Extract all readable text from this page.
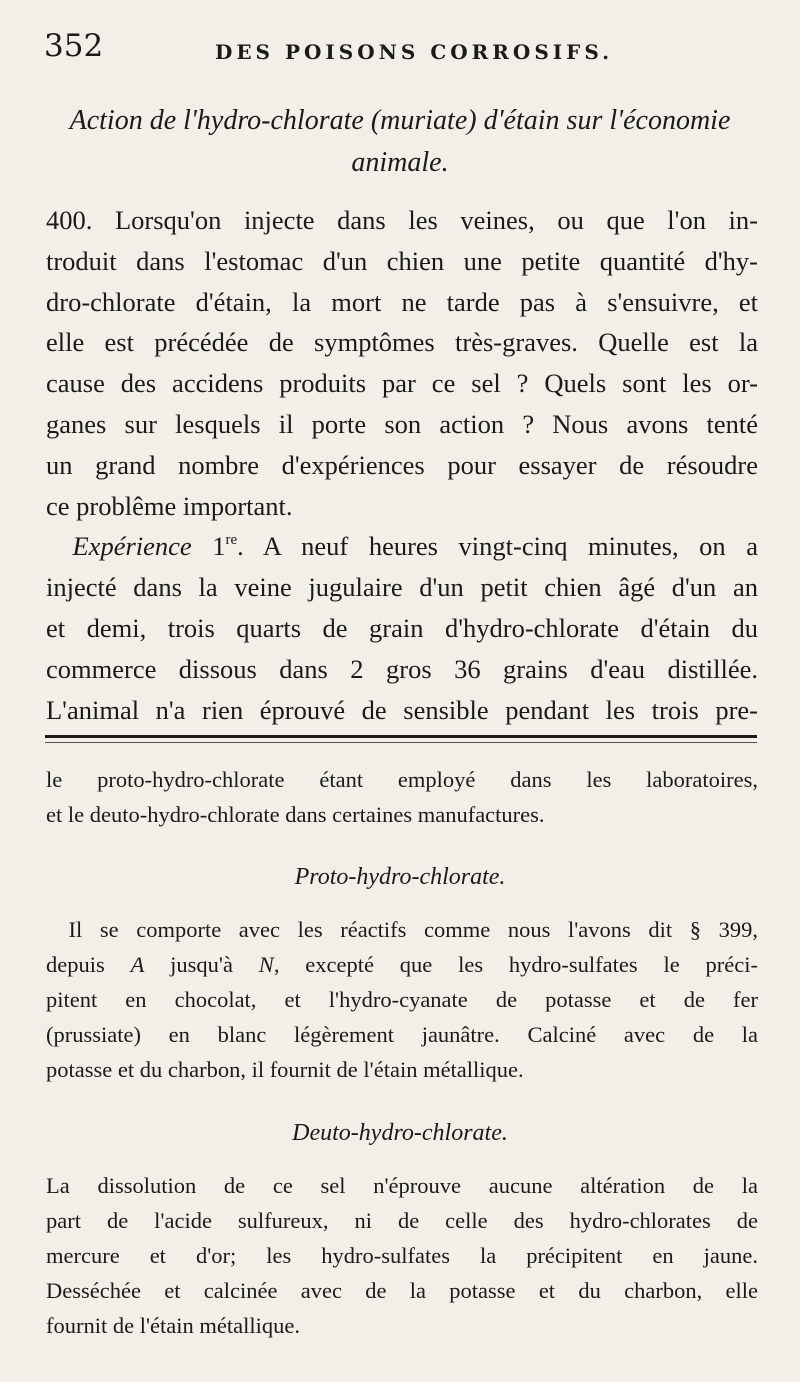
352	DES POISONS CORROSIFS.
Action de l'hydro-chlorate (muriate) d'étain sur l'économie
animale.
400. Lorsqu'on injecte dans les veines, ou que l'on in-
troduit dans l'estomac d'un chien une petite quantité d'hy-
dro-chlorate d'étain, la mort ne tarde pas à s'ensuivre, et
elle est précédée de symptômes très-graves. Quelle est la
cause des accidens produits par ce sel ? Quels sont les or-
ganes sur lesquels il porte son action ? Nous avons tenté
un grand nombre d'expériences pour essayer de résoudre
ce problême important.
 Expérience 1re. A neuf heures vingt-cinq minutes, on a
injecté dans la veine jugulaire d'un petit chien âgé d'un an
et demi, trois quarts de grain d'hydro-chlorate d'étain du
commerce dissous dans 2 gros 36 grains d'eau distillée.
L'animal n'a rien éprouvé de sensible pendant les trois pre-
le proto-hydro-chlorate étant employé dans les laboratoires,
et le deuto-hydro-chlorate dans certaines manufactures.
Proto-hydro-chlorate.
 Il se comporte avec les réactifs comme nous l'avons dit § 399,
depuis A jusqu'à N, excepté que les hydro-sulfates le préci-
pitent en chocolat, et l'hydro-cyanate de potasse et de fer
(prussiate) en blanc légèrement jaunâtre. Calciné avec de la
potasse et du charbon, il fournit de l'étain métallique.
Deuto-hydro-chlorate.
La dissolution de ce sel n'éprouve aucune altération de la
part de l'acide sulfureux, ni de celle des hydro-chlorates de
mercure et d'or; les hydro-sulfates la précipitent en jaune.
Desséchée et calcinée avec de la potasse et du charbon, elle
fournit de l'étain métallique.
